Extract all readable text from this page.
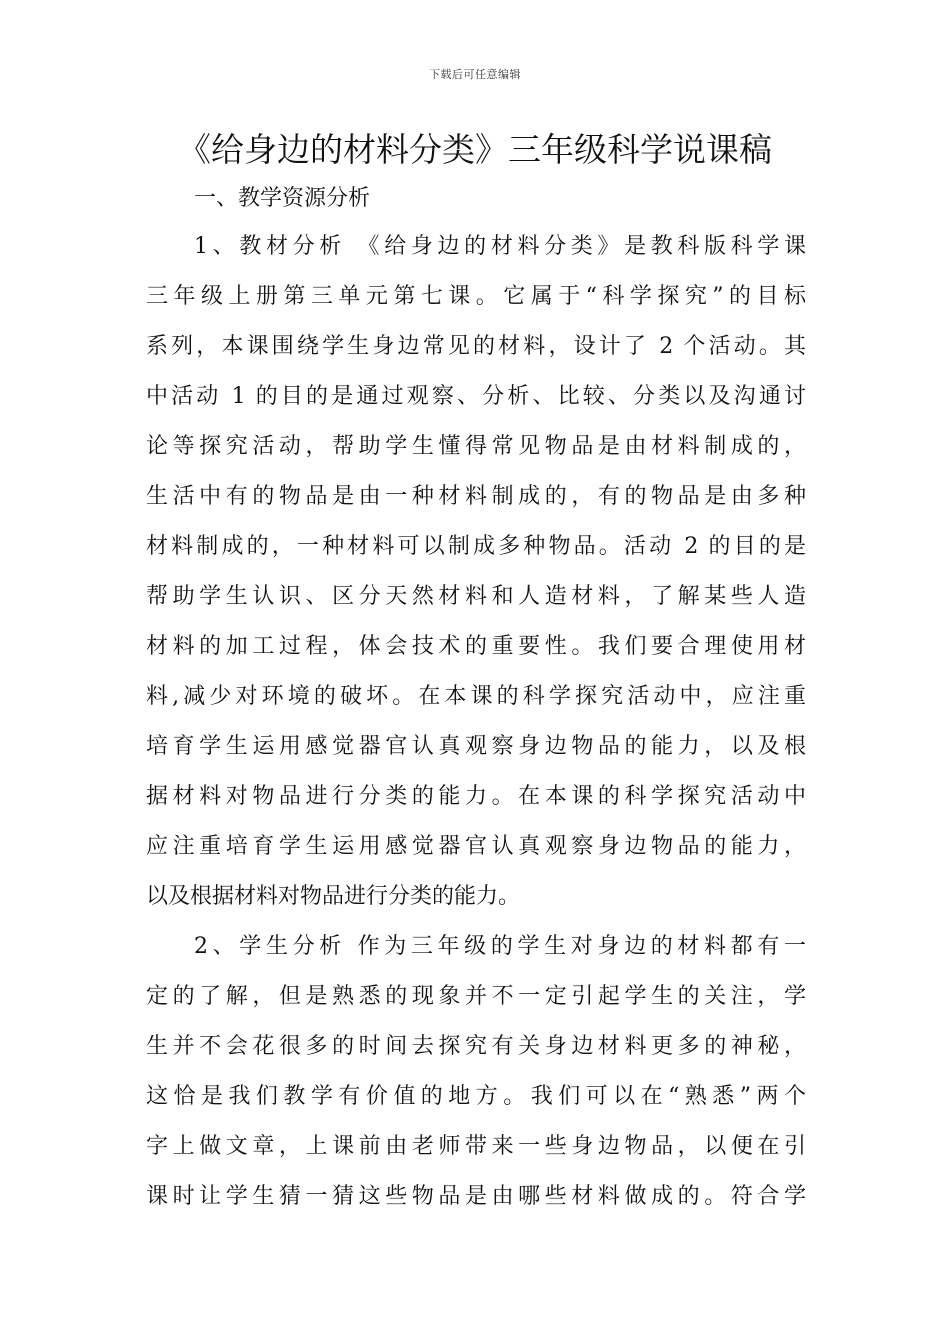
下载后可任意编辑
《给身边的材料分类》三年级科学说课稿
一、教学资源分析
1、教材分析 《给身边的材料分类》是教科版科学课
三年级上册第三单元第七课。它属于“科学探究”的目标
系列，本课围绕学生身边常见的材料，设计了 2 个活动。其
中活动 1 的目的是通过观察、分析、比较、分类以及沟通讨
论等探究活动，帮助学生懂得常见物品是由材料制成的，
生活中有的物品是由一种材料制成的，有的物品是由多种
材料制成的，一种材料可以制成多种物品。活动 2 的目的是
帮助学生认识、区分天然材料和人造材料，了解某些人造
材料的加工过程，体会技术的重要性。我们要合理使用材
料,减少对环境的破坏。在本课的科学探究活动中，应注重
培育学生运用感觉器官认真观察身边物品的能力，以及根
据材料对物品进行分类的能力。在本课的科学探究活动中
应注重培育学生运用感觉器官认真观察身边物品的能力，
以及根据材料对物品进行分类的能力。
2、学生分析 作为三年级的学生对身边的材料都有一
定的了解，但是熟悉的现象并不一定引起学生的关注，学
生并不会花很多的时间去探究有关身边材料更多的神秘，
这恰是我们教学有价值的地方。我们可以在“熟悉”两个
字上做文章，上课前由老师带来一些身边物品，以便在引
课时让学生猜一猜这些物品是由哪些材料做成的。符合学
